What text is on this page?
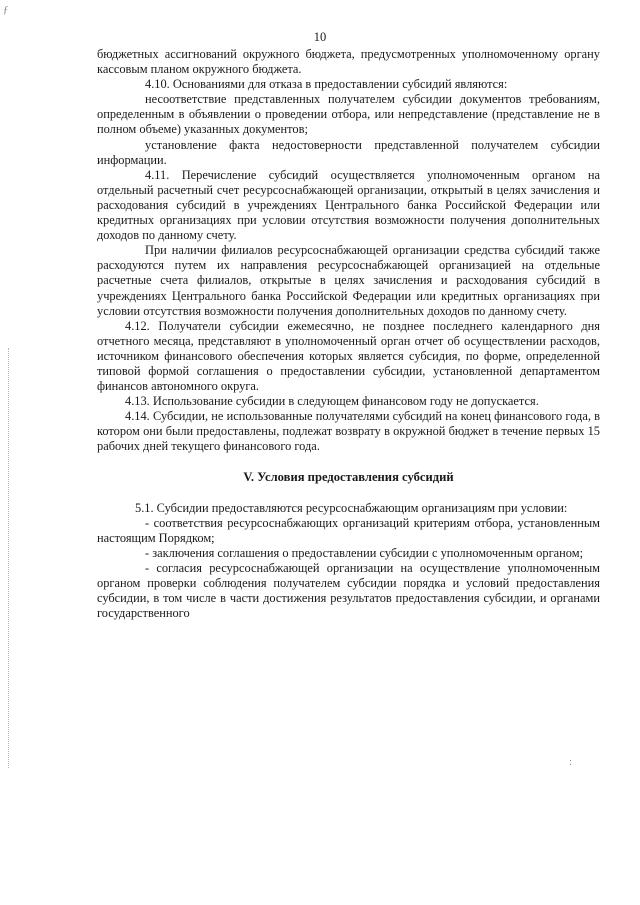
ƒ
10

бюджетных ассигнований окружного бюджета, предусмотренных уполномоченному органу кассовым планом окружного бюджета.

4.10. Основаниями для отказа в предоставлении субсидий являются:

несоответствие представленных получателем субсидии документов требованиям, определенным в объявлении о проведении отбора, или непредставление (представление не в полном объеме) указанных документов;

установление факта недостоверности представленной получателем субсидии информации.

4.11. Перечисление субсидий осуществляется уполномоченным органом на отдельный расчетный счет ресурсоснабжающей организации, открытый в целях зачисления и расходования субсидий в учреждениях Центрального банка Российской Федерации или кредитных организациях при условии отсутствия возможности получения дополнительных доходов по данному счету.

При наличии филиалов ресурсоснабжающей организации средства субсидий также расходуются путем их направления ресурсоснабжающей организацией на отдельные расчетные счета филиалов, открытые в целях зачисления и расходования субсидий в учреждениях Центрального банка Российской Федерации или кредитных организациях при условии отсутствия возможности получения дополнительных доходов по данному счету.

4.12. Получатели субсидии ежемесячно, не позднее последнего календарного дня отчетного месяца, представляют в уполномоченный орган отчет об осуществлении расходов, источником финансового обеспечения которых является субсидия, по форме, определенной типовой формой соглашения о предоставлении субсидии, установленной департаментом финансов автономного округа.

4.13. Использование субсидии в следующем финансовом году не допускается.

4.14. Субсидии, не использованные получателями субсидий на конец финансового года, в котором они были предоставлены, подлежат возврату в окружной бюджет в течение первых 15 рабочих дней текущего финансового года.

V. Условия предоставления субсидий

5.1. Субсидии предоставляются ресурсоснабжающим организациям при условии:

- соответствия ресурсоснабжающих организаций критериям отбора, установленным настоящим Порядком;

- заключения соглашения о предоставлении субсидии с уполномоченным органом;

- согласия ресурсоснабжающей организации на осуществление уполномоченным органом проверки соблюдения получателем субсидии порядка и условий предоставления субсидии, в том числе в части достижения результатов предоставления субсидии, и органами государственного

:
